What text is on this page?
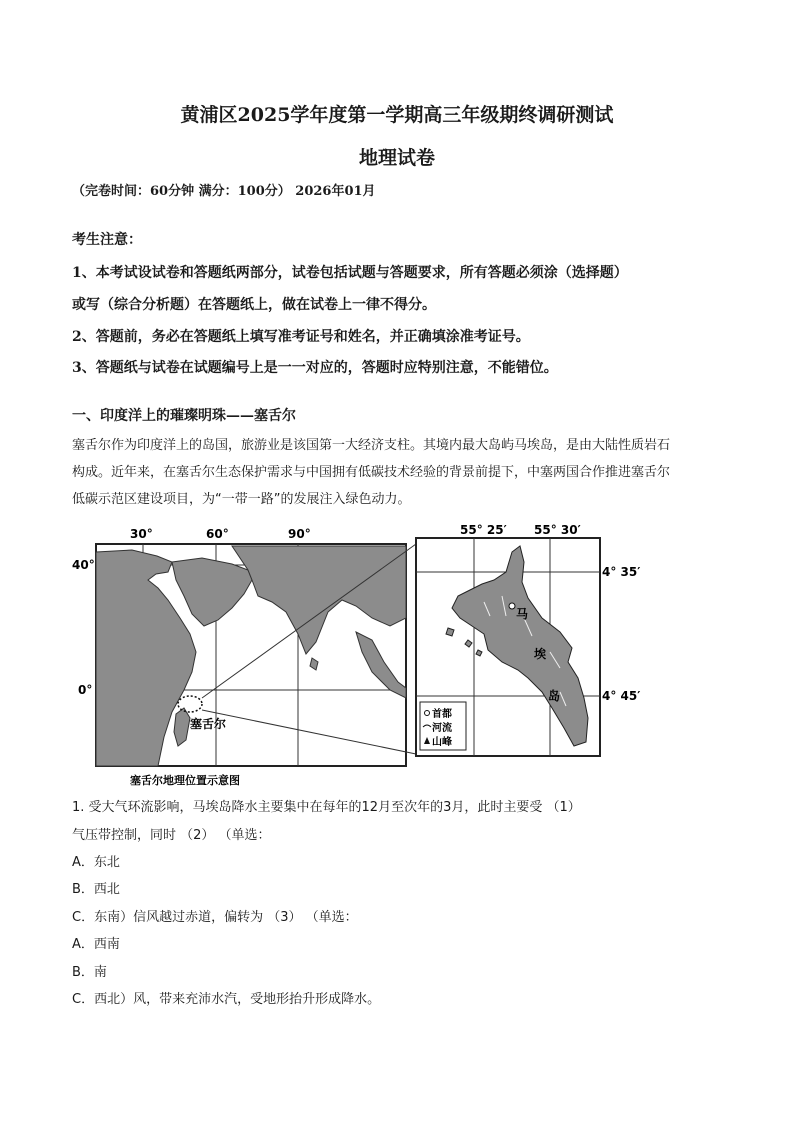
黄浦区2025学年度第一学期高三年级期终调研测试
地理试卷
（完卷时间：60分钟 满分：100分） 2026年01月
考生注意：
1、本考试设试卷和答题纸两部分，试卷包括试题与答题要求，所有答题必须涂（选择题）
或写（综合分析题）在答题纸上，做在试卷上一律不得分。
2、答题前，务必在答题纸上填写准考证号和姓名，并正确填涂准考证号。
3、答题纸与试卷在试题编号上是一一对应的，答题时应特别注意，不能错位。
一、印度洋上的璀璨明珠——塞舌尔
塞舌尔作为印度洋上的岛国，旅游业是该国第一大经济支柱。其境内最大岛屿马埃岛，是由大陆性质岩石
构成。近年来，在塞舌尔生态保护需求与中国拥有低碳技术经验的背景前提下，中塞两国合作推进塞舌尔
低碳示范区建设项目，为“一带一路”的发展注入绿色动力。
30°	60°	90°
40°
0°
塞舌尔
塞舌尔地理位置示意图
马
埃
岛
55° 25′ 55° 30′
4° 35′
4° 45′
首都
河流
山峰
1. 受大气环流影响，马埃岛降水主要集中在每年的12月至次年的3月，此时主要受 （1）
气压带控制，同时 （2） （单选：
A．东北
B．西北
C．东南）信风越过赤道，偏转为 （3） （单选：
A．西南
B．南
C．西北）风，带来充沛水汽，受地形抬升形成降水。
